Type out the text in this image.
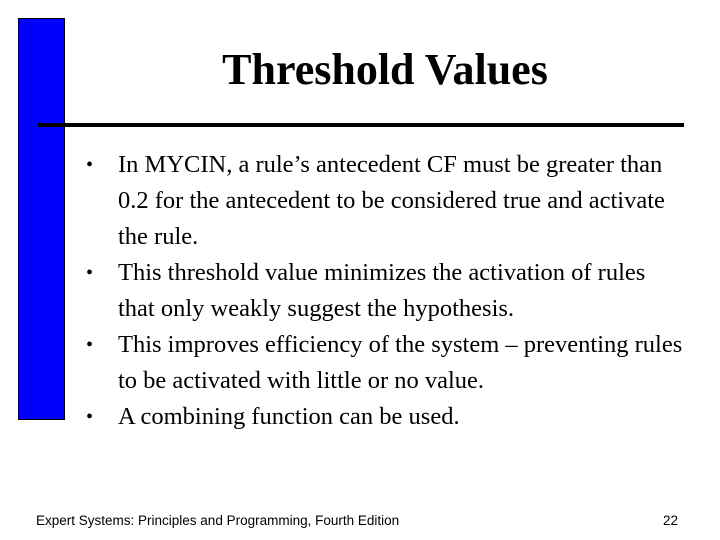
Threshold Values
• In MYCIN, a rule’s antecedent CF must be greater than 0.2 for the antecedent to be considered true and activate the rule.
• This threshold value minimizes the activation of rules that only weakly suggest the hypothesis.
• This improves efficiency of the system – preventing rules to be activated with little or no value.
• A combining function can be used.
Expert Systems: Principles and Programming, Fourth Edition	22
